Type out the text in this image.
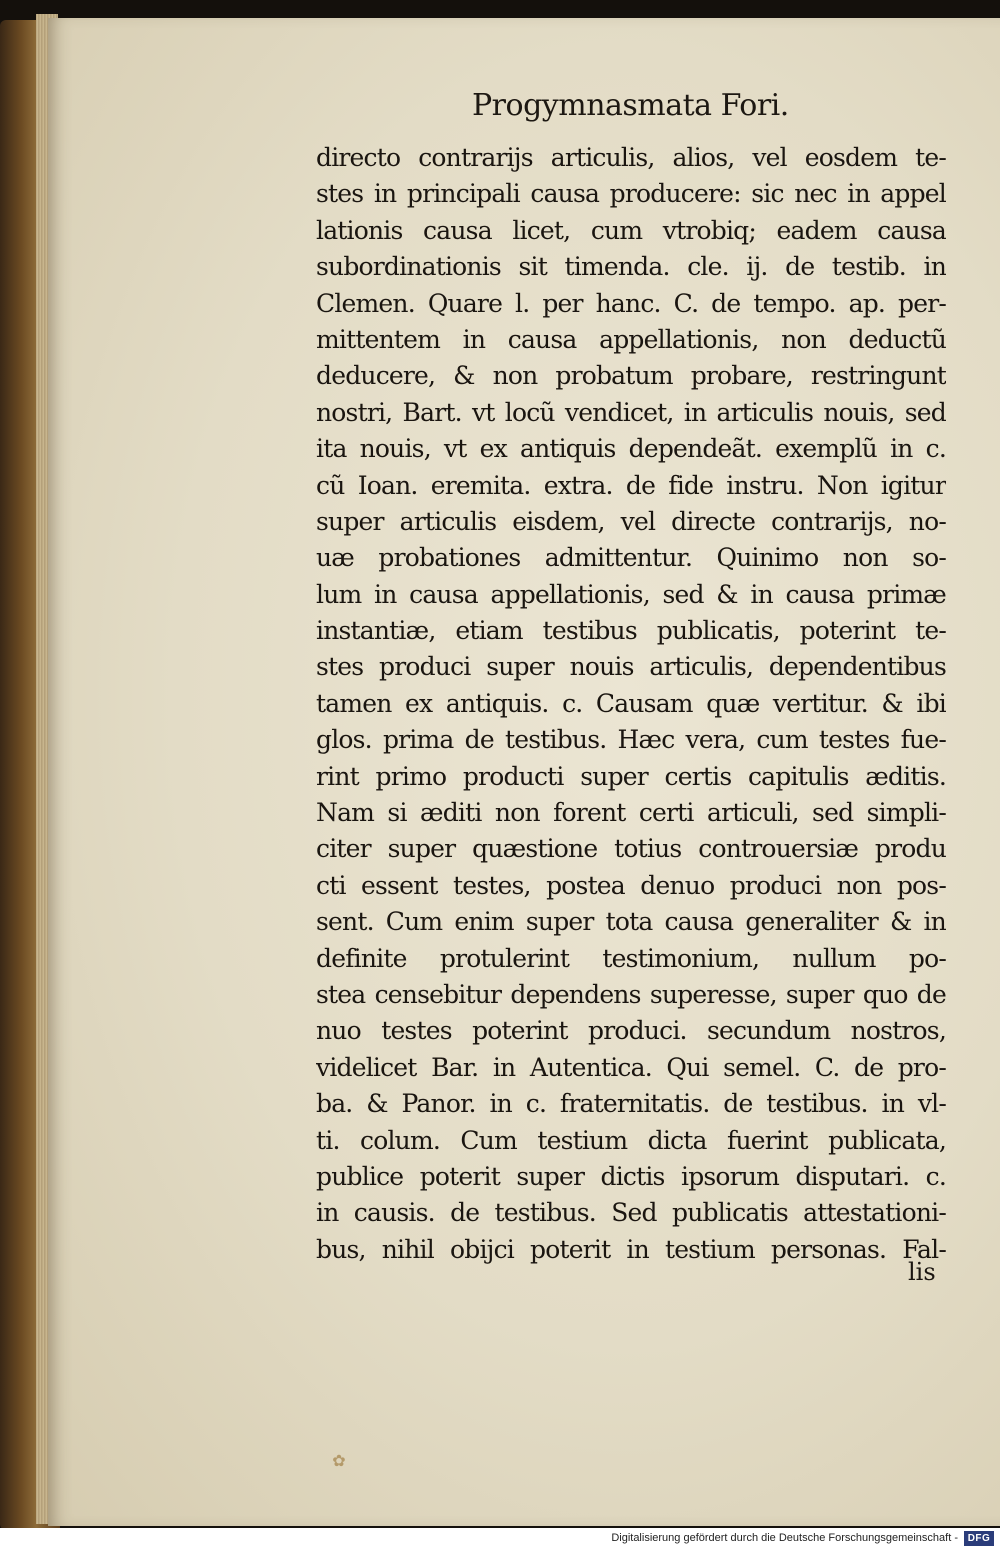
Progymnasmata Fori.
directo contrarijs articulis, alios, vel eosdem te-
stes in principali causa producere: sic nec in appel
lationis causa licet, cum vtrobiq; eadem causa
subordinationis sit timenda. cle. ij. de testib. in
Clemen. Quare l. per hanc. C. de tempo. ap. per-
mittentem in causa appellationis, non deductũ
deducere, & non probatum probare, restringunt
nostri, Bart. vt locũ vendicet, in articulis nouis, sed
ita nouis, vt ex antiquis dependeãt. exemplũ in c.
cũ Ioan. eremita. extra. de fide instru. Non igitur
super articulis eisdem, vel directe contrarijs, no-
uæ probationes admittentur. Quinimo non so-
lum in causa appellationis, sed & in causa primæ
instantiæ, etiam testibus publicatis, poterint te-
stes produci super nouis articulis, dependentibus
tamen ex antiquis. c. Causam quæ vertitur. & ibi
glos. prima de testibus. Hæc vera, cum testes fue-
rint primo producti super certis capitulis æditis.
Nam si æditi non forent certi articuli, sed simpli-
citer super quæstione totius controuersiæ produ
cti essent testes, postea denuo produci non pos-
sent. Cum enim super tota causa generaliter & in
definite protulerint testimonium, nullum po-
stea censebitur dependens superesse, super quo de
nuo testes poterint produci. secundum nostros,
videlicet Bar. in Autentica. Qui semel. C. de pro-
ba. & Panor. in c. fraternitatis. de testibus. in vl-
ti. colum. Cum testium dicta fuerint publicata,
publice poterit super dictis ipsorum disputari. c.
in causis. de testibus. Sed publicatis attestationi-
bus, nihil obijci poterit in testium personas. Fal-
lis
✿
Digitalisierung gefördert durch die Deutsche Forschungsgemeinschaft - DFG
